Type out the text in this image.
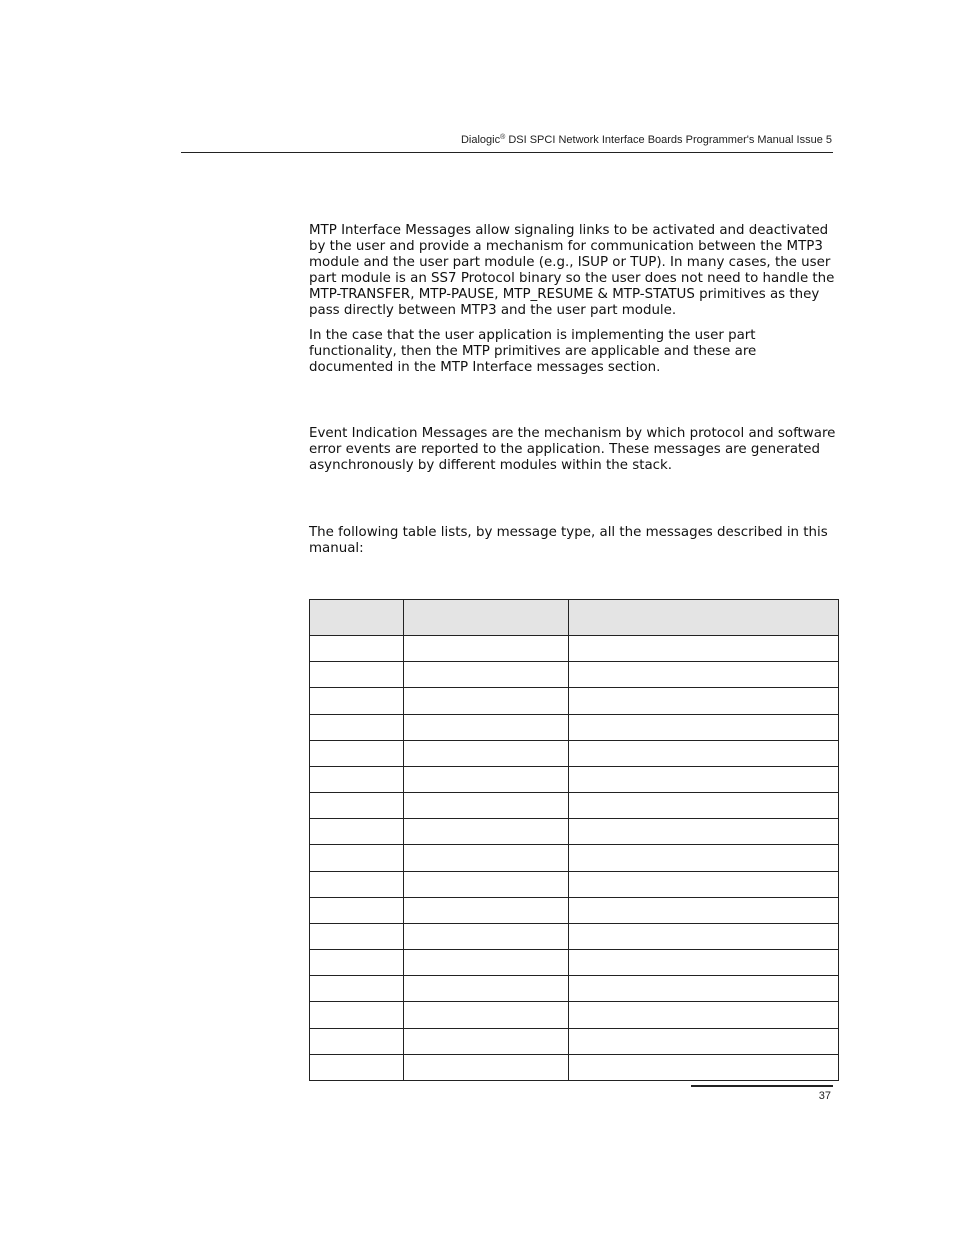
Dialogic® DSI SPCI Network Interface Boards Programmer's Manual Issue 5

MTP Interface Messages allow signaling links to be activated and deactivated by the user and provide a mechanism for communication between the MTP3 module and the user part module (e.g., ISUP or TUP). In many cases, the user part module is an SS7 Protocol binary so the user does not need to handle the MTP-TRANSFER, MTP-PAUSE, MTP_RESUME & MTP-STATUS primitives as they pass directly between MTP3 and the user part module.

In the case that the user application is implementing the user part functionality, then the MTP primitives are applicable and these are documented in the MTP Interface messages section.

Event Indication Messages are the mechanism by which protocol and software error events are reported to the application. These messages are generated asynchronously by different modules within the stack.

The following table lists, by message type, all the messages described in this manual:

37
